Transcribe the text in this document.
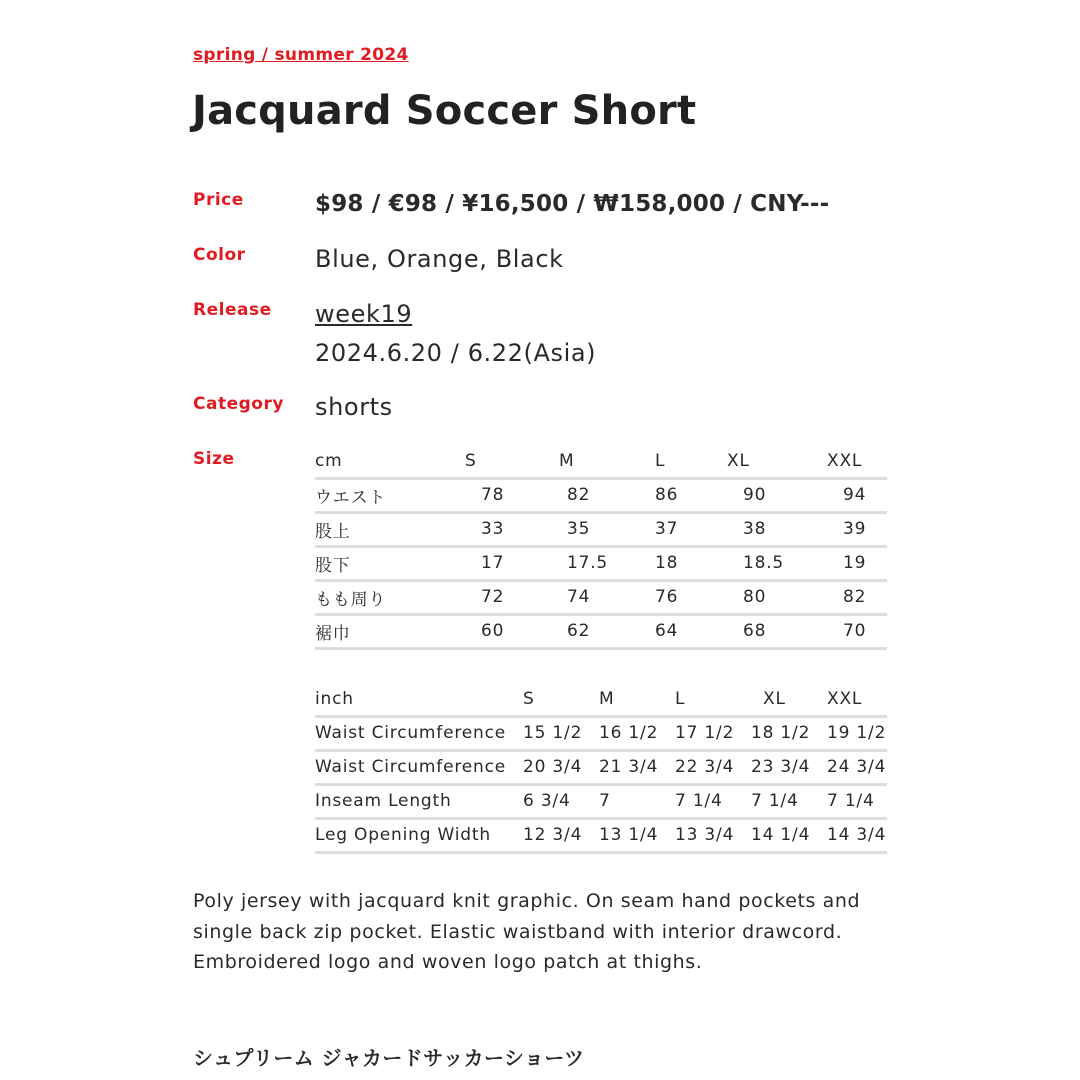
spring / summer 2024
Jacquard Soccer Short
Price	$98 / €98 / ¥16,500 / ₩158,000 / CNY---
Color	Blue, Orange, Black
Release week19
2024.6.20 / 6.22(Asia)
Category shorts
Size	cm	S	M	L	XL	XXL
ウエスト	78	82	86	90	94
股上	33	35	37	38	39
股下	17	17.5	18	18.5	19
もも周り	72	74	76	80	82
裾巾	60	62	64	68	70
inch	S	M	L	XL	XXL
Waist Circumference	15 1/2	16 1/2	17 1/2	18 1/2	19 1/2
Waist Circumference	20 3/4	21 3/4	22 3/4	23 3/4	24 3/4
Inseam Length	6 3/4	7	7 1/4	7 1/4	7 1/4
Leg Opening Width	12 3/4	13 1/4	13 3/4	14 1/4	14 3/4

Poly jersey with jacquard knit graphic. On seam hand pockets and single back zip pocket. Elastic waistband with interior drawcord. Embroidered logo and woven logo patch at thighs.

シュプリーム ジャカードサッカーショーツ
